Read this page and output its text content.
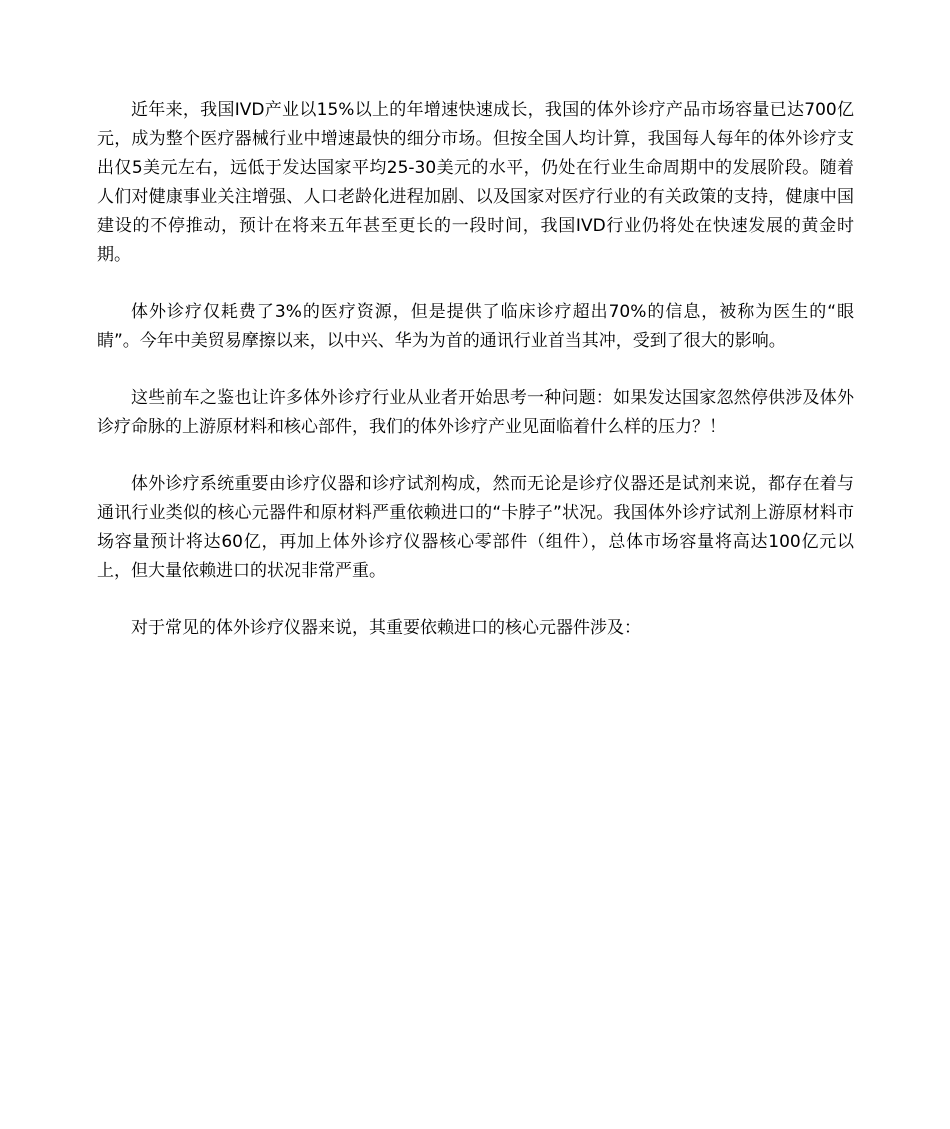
近年来，我国IVD产业以15%以上的年增速快速成长，我国的体外诊疗产品市场容量已达700亿元，成为整个医疗器械行业中增速最快的细分市场。但按全国人均计算，我国每人每年的体外诊疗支出仅5美元左右，远低于发达国家平均25-30美元的水平，仍处在行业生命周期中的发展阶段。随着人们对健康事业关注增强、人口老龄化进程加剧、以及国家对医疗行业的有关政策的支持，健康中国建设的不停推动，预计在将来五年甚至更长的一段时间，我国IVD行业仍将处在快速发展的黄金时期。

体外诊疗仅耗费了3%的医疗资源，但是提供了临床诊疗超出70%的信息，被称为医生的“眼睛”。今年中美贸易摩擦以来，以中兴、华为为首的通讯行业首当其冲，受到了很大的影响。

这些前车之鉴也让许多体外诊疗行业从业者开始思考一种问题：如果发达国家忽然停供涉及体外诊疗命脉的上游原材料和核心部件，我们的体外诊疗产业见面临着什么样的压力？！

体外诊疗系统重要由诊疗仪器和诊疗试剂构成，然而无论是诊疗仪器还是试剂来说，都存在着与通讯行业类似的核心元器件和原材料严重依赖进口的“卡脖子”状况。我国体外诊疗试剂上游原材料市场容量预计将达60亿，再加上体外诊疗仪器核心零部件（组件），总体市场容量将高达100亿元以上，但大量依赖进口的状况非常严重。

对于常见的体外诊疗仪器来说，其重要依赖进口的核心元器件涉及：
